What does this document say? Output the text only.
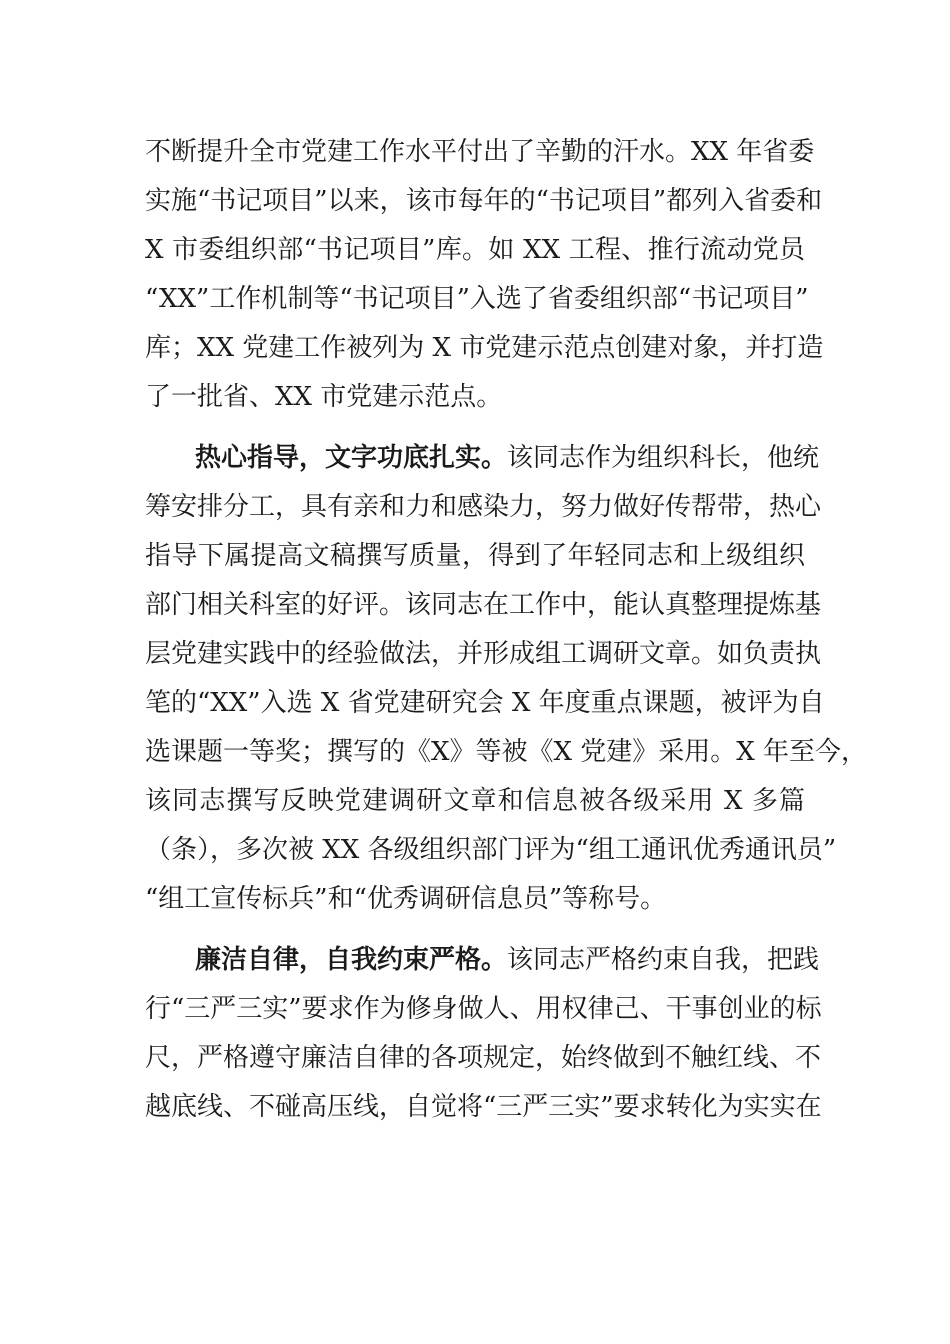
不断提升全市党建工作水平付出了辛勤的汗水。XX 年省委
实施“书记项目”以来，该市每年的“书记项目”都列入省委和
X 市委组织部“书记项目”库。如 XX 工程、推行流动党员
“XX”工作机制等“书记项目”入选了省委组织部“书记项目”
库；XX 党建工作被列为 X 市党建示范点创建对象，并打造
了一批省、XX 市党建示范点。
热心指导，文字功底扎实。该同志作为组织科长，他统
筹安排分工，具有亲和力和感染力，努力做好传帮带，热心
指导下属提高文稿撰写质量，得到了年轻同志和上级组织
部门相关科室的好评。该同志在工作中，能认真整理提炼基
层党建实践中的经验做法，并形成组工调研文章。如负责执
笔的“XX”入选 X 省党建研究会 X 年度重点课题，被评为自
选课题一等奖；撰写的《X》等被《X 党建》采用。X 年至今，
该同志撰写反映党建调研文章和信息被各级采用 X 多篇
（条），多次被 XX 各级组织部门评为“组工通讯优秀通讯员”
“组工宣传标兵”和“优秀调研信息员”等称号。
廉洁自律，自我约束严格。该同志严格约束自我，把践
行“三严三实”要求作为修身做人、用权律己、干事创业的标
尺，严格遵守廉洁自律的各项规定，始终做到不触红线、不
越底线、不碰高压线，自觉将“三严三实”要求转化为实实在
